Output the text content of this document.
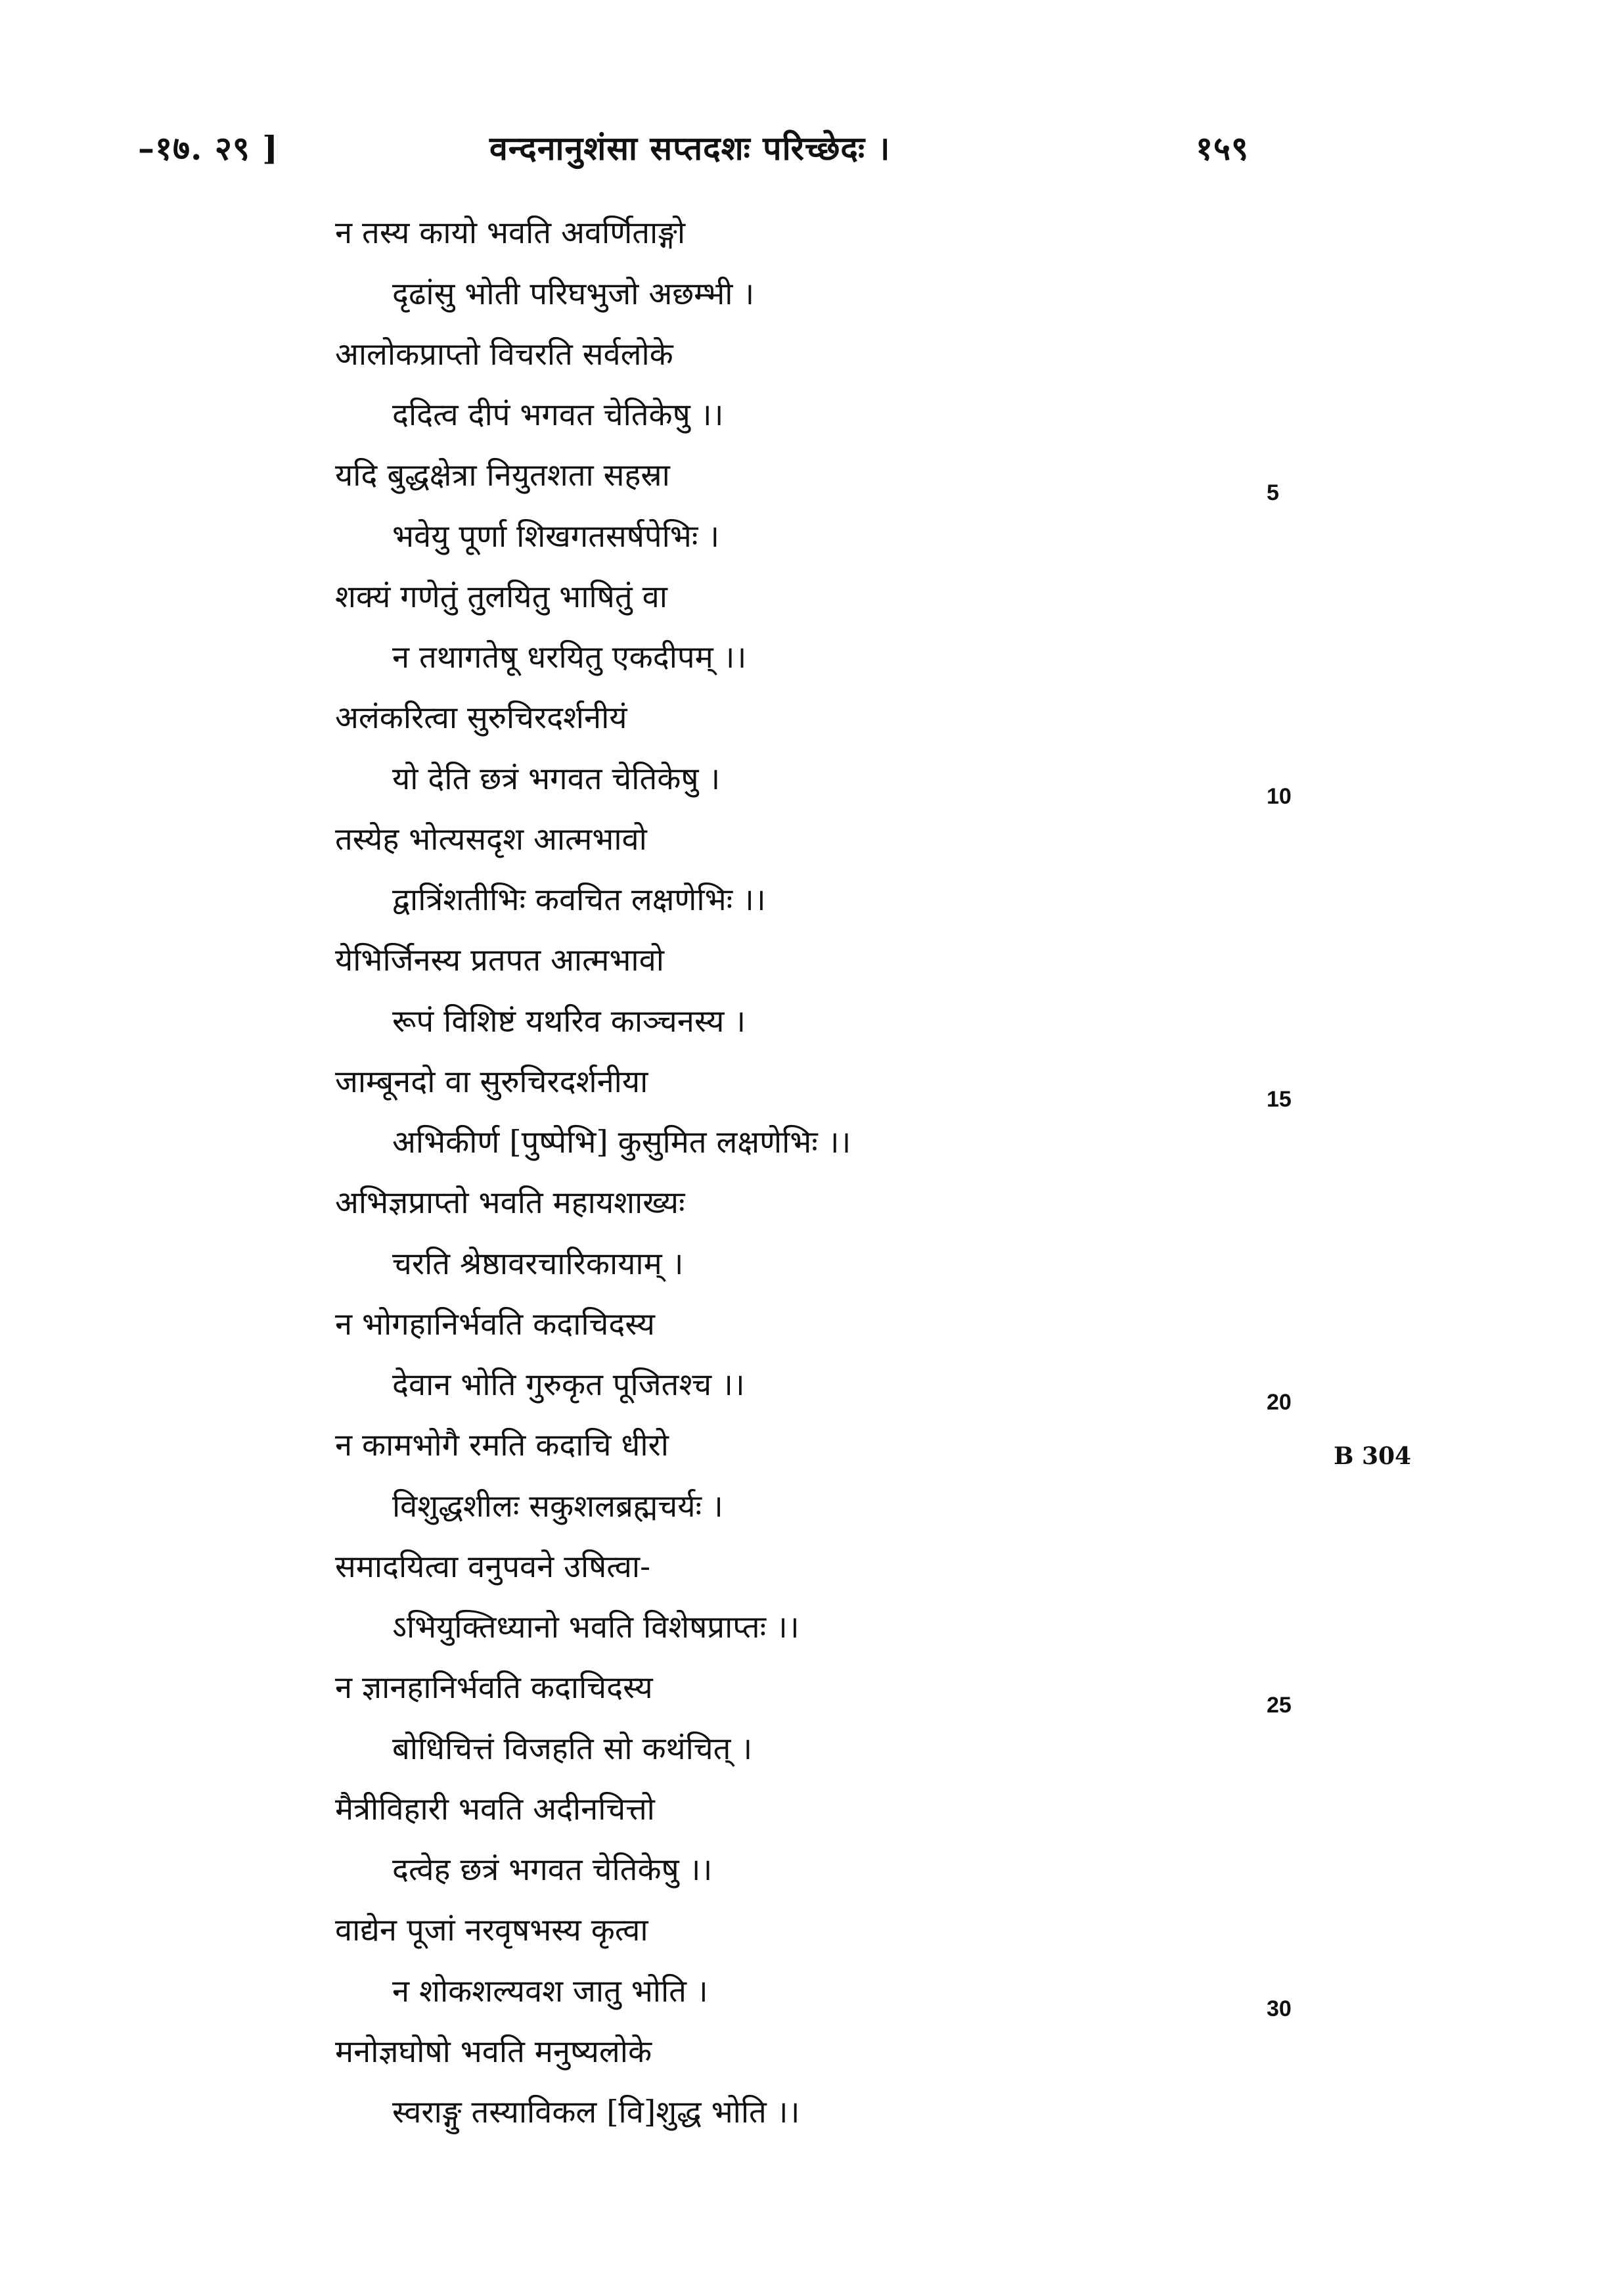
–१७. २९ ]	वन्दनानुशंसा सप्तदशः परिच्छेदः ।	१५९
न तस्य कायो भवति अवर्णिताङ्गो
दृढांसु भोती परिघभुजो अछम्भी ।
आलोकप्राप्तो विचरति सर्वलोके
ददित्व दीपं भगवत चेतिकेषु ।।
यदि बुद्धक्षेत्रा नियुतशता सहस्रा
भवेयु पूर्णा शिखगतसर्षपेभिः ।
शक्यं गणेतुं तुलयितु भाषितुं वा
न तथागतेषू धरयितु एकदीपम् ।।
अलंकरित्वा सुरुचिरदर्शनीयं
यो देति छत्रं भगवत चेतिकेषु ।
तस्येह भोत्यसदृश आत्मभावो
द्वात्रिंशतीभिः कवचित लक्षणेभिः ।।
येभिर्जिनस्य प्रतपत आत्मभावो
रूपं विशिष्टं यथरिव काञ्चनस्य ।
जाम्बूनदो वा सुरुचिरदर्शनीया
अभिकीर्ण [पुष्पेभि] कुसुमित लक्षणेभिः ।।
अभिज्ञप्राप्तो भवति महायशाख्यः
चरति श्रेष्ठावरचारिकायाम् ।
न भोगहानिर्भवति कदाचिदस्य
देवान भोति गुरुकृत पूजितश्च ।।
न कामभोगै रमति कदाचि धीरो
विशुद्धशीलः सकुशलब्रह्मचर्यः ।
समादयित्वा वनुपवने उषित्वा-
ऽभियुक्तिध्यानो भवति विशेषप्राप्तः ।।
न ज्ञानहानिर्भवति कदाचिदस्य
बोधिचित्तं विजहति सो कथंचित् ।
मैत्रीविहारी भवति अदीनचित्तो
दत्वेह छत्रं भगवत चेतिकेषु ।।
वाद्येन पूजां नरवृषभस्य कृत्वा
न शोकशल्यवश जातु भोति ।
मनोज्ञघोषो भवति मनुष्यलोके
स्वराङ्गु तस्याविकल [वि]शुद्ध भोति ।।
5
10
15
20
25
30
B 304
